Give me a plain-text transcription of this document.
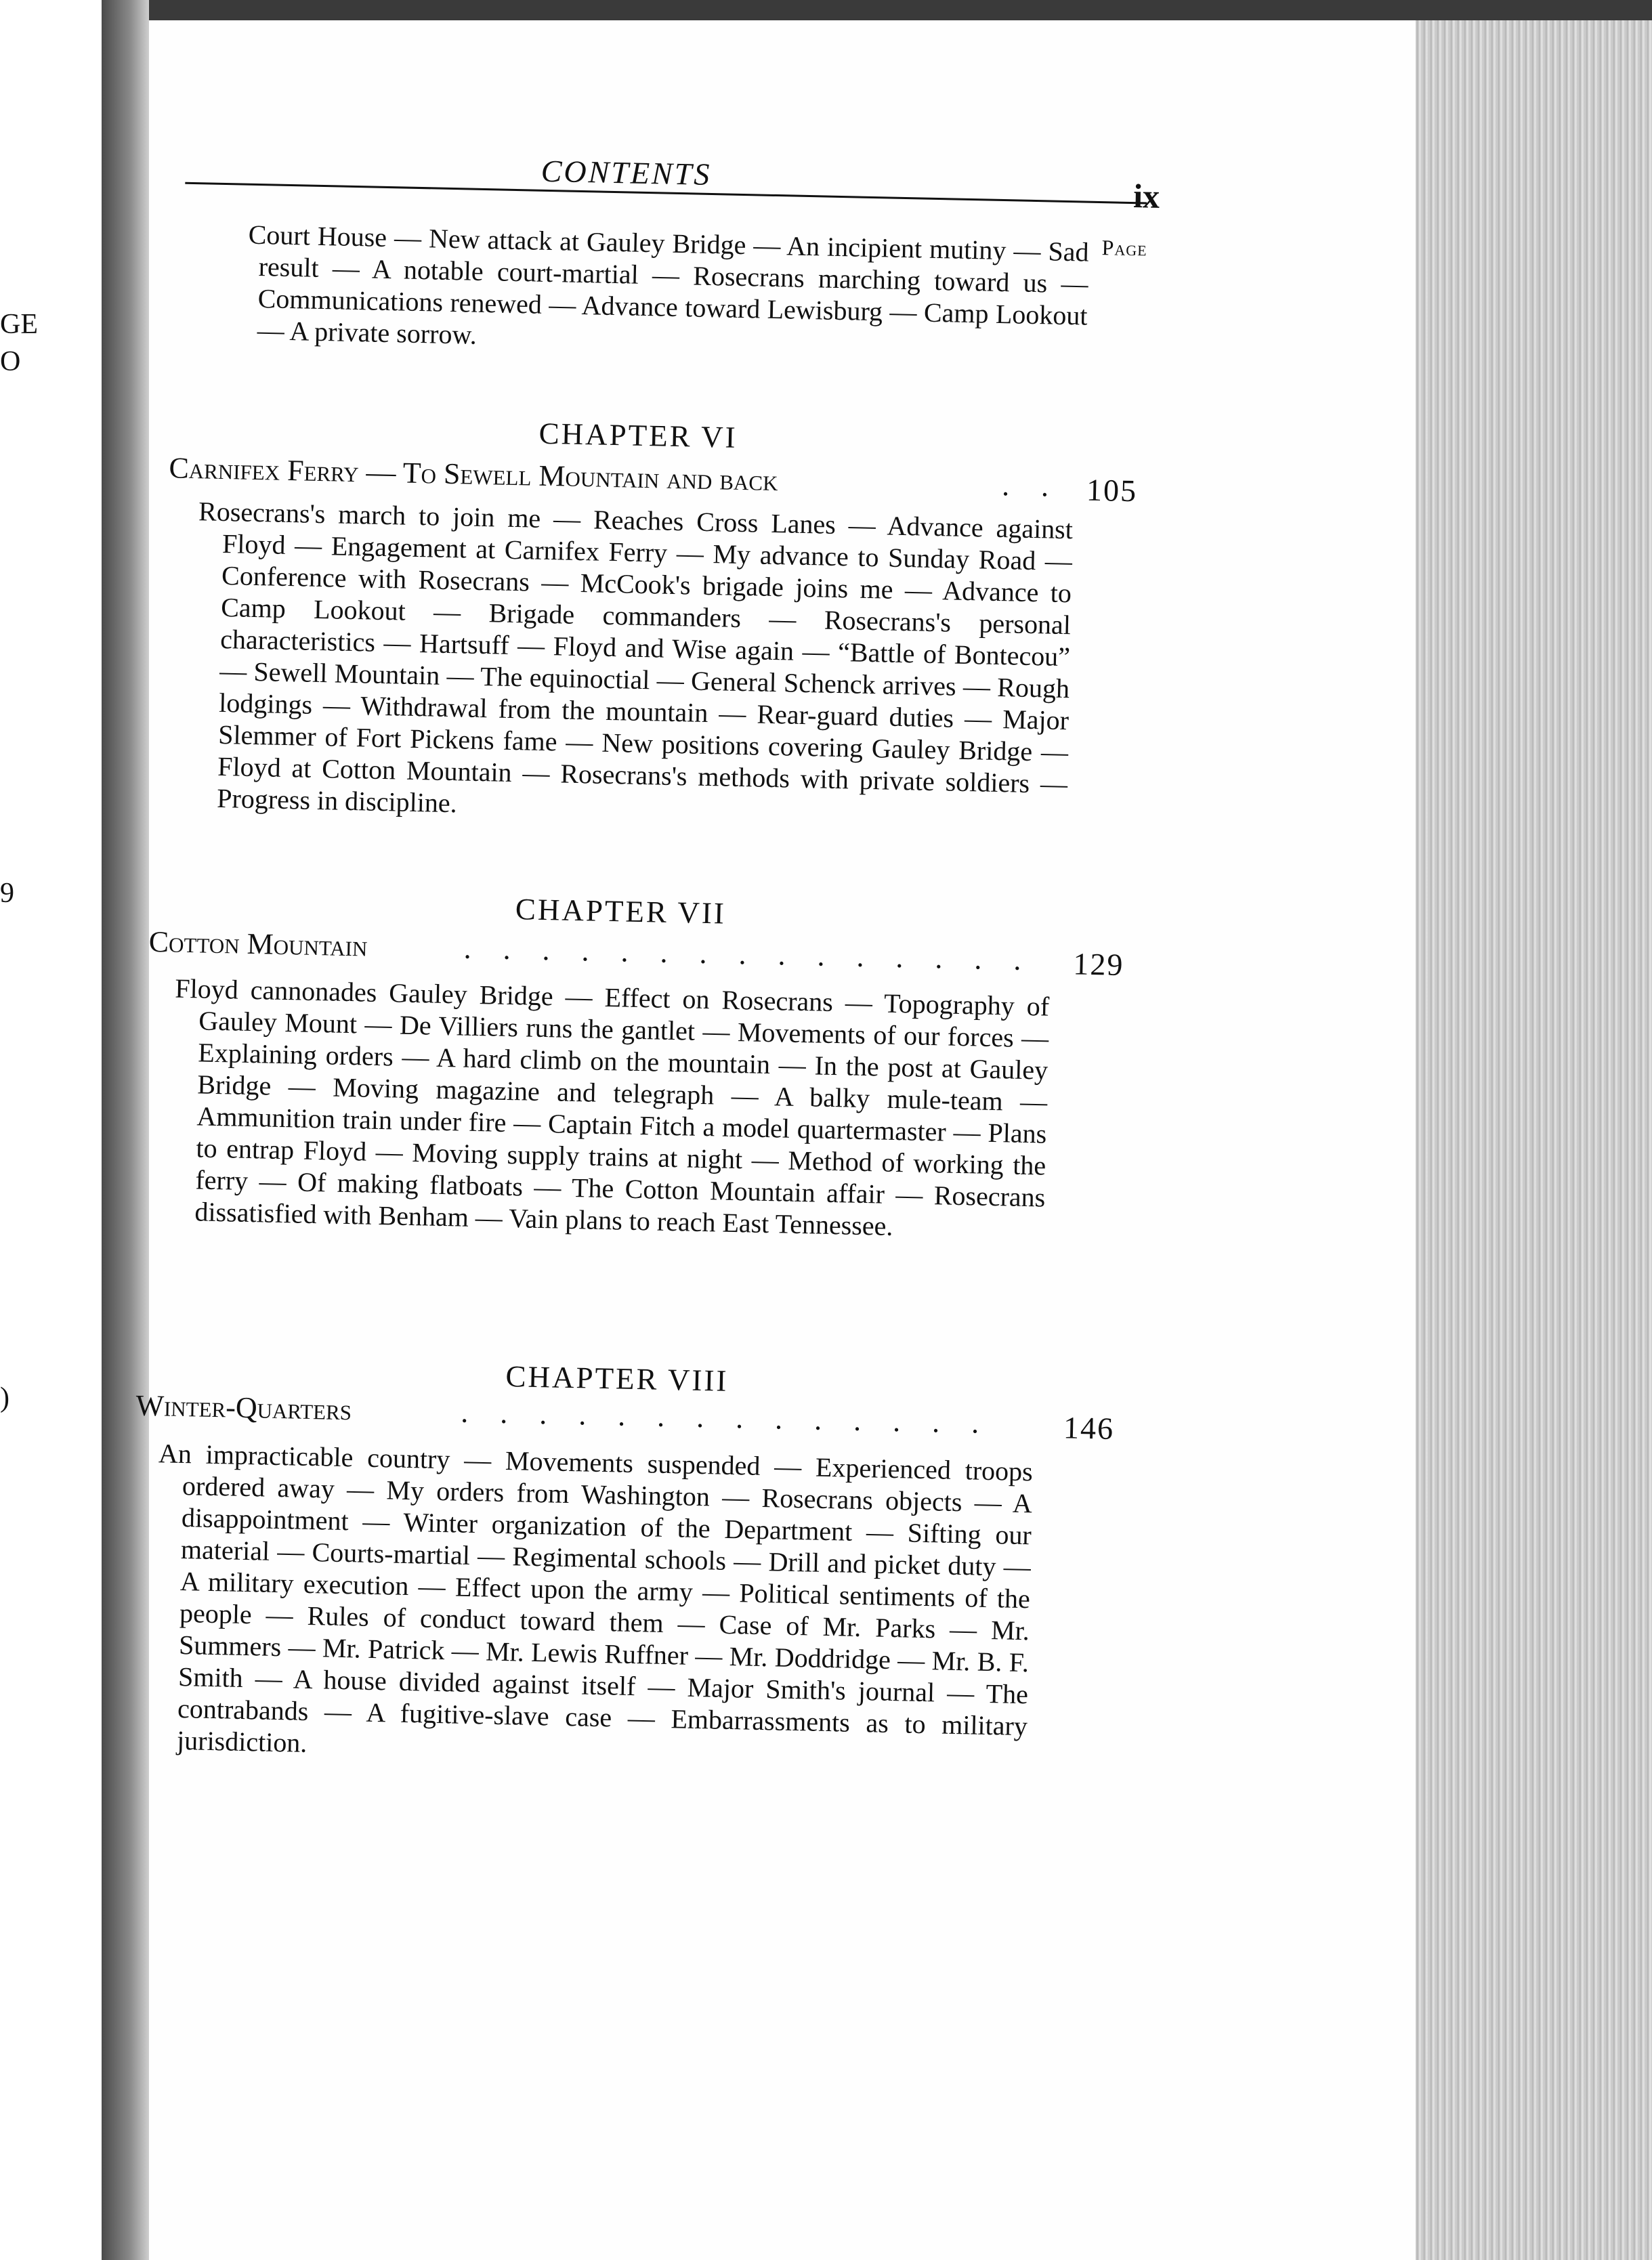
GE
O
9
)
CONTENTS
ix
Page
Court House — New attack at Gauley Bridge — An incipient mutiny — Sad result — A notable court-martial — Rosecrans marching toward us — Communications renewed — Advance toward Lewisburg — Camp Lookout — A private sorrow.
CHAPTER VI
Carnifex Ferry — To Sewell Mountain and back	. . 105
Rosecrans's march to join me — Reaches Cross Lanes — Advance against Floyd — Engagement at Carnifex Ferry — My advance to Sunday Road — Conference with Rosecrans — McCook's brigade joins me — Advance to Camp Lookout — Brigade commanders — Rosecrans's personal characteristics — Hartsuff — Floyd and Wise again — “Battle of Bontecou” — Sewell Mountain — The equinoctial — General Schenck arrives — Rough lodgings — Withdrawal from the mountain — Rear-guard duties — Major Slemmer of Fort Pickens fame — New positions covering Gauley Bridge — Floyd at Cotton Mountain — Rosecrans's methods with private soldiers — Progress in discipline.
CHAPTER VII
Cotton Mountain	. . . . . . . . . . . . . . . 129
Floyd cannonades Gauley Bridge — Effect on Rosecrans — Topography of Gauley Mount — De Villiers runs the gantlet — Movements of our forces — Explaining orders — A hard climb on the mountain — In the post at Gauley Bridge — Moving magazine and telegraph — A balky mule-team — Ammunition train under fire — Captain Fitch a model quartermaster — Plans to entrap Floyd — Moving supply trains at night — Method of working the ferry — Of making flatboats — The Cotton Mountain affair — Rosecrans dissatisfied with Benham — Vain plans to reach East Tennessee.
CHAPTER VIII
Winter-Quarters	. . . . . . . . . . . . . . 146
An impracticable country — Movements suspended — Experienced troops ordered away — My orders from Washington — Rosecrans objects — A disappointment — Winter organization of the Department — Sifting our material — Courts-martial — Regimental schools — Drill and picket duty — A military execution — Effect upon the army — Political sentiments of the people — Rules of conduct toward them — Case of Mr. Parks — Mr. Summers — Mr. Patrick — Mr. Lewis Ruffner — Mr. Doddridge — Mr. B. F. Smith — A house divided against itself — Major Smith's journal — The contrabands — A fugitive-slave case — Embarrassments as to military jurisdiction.
